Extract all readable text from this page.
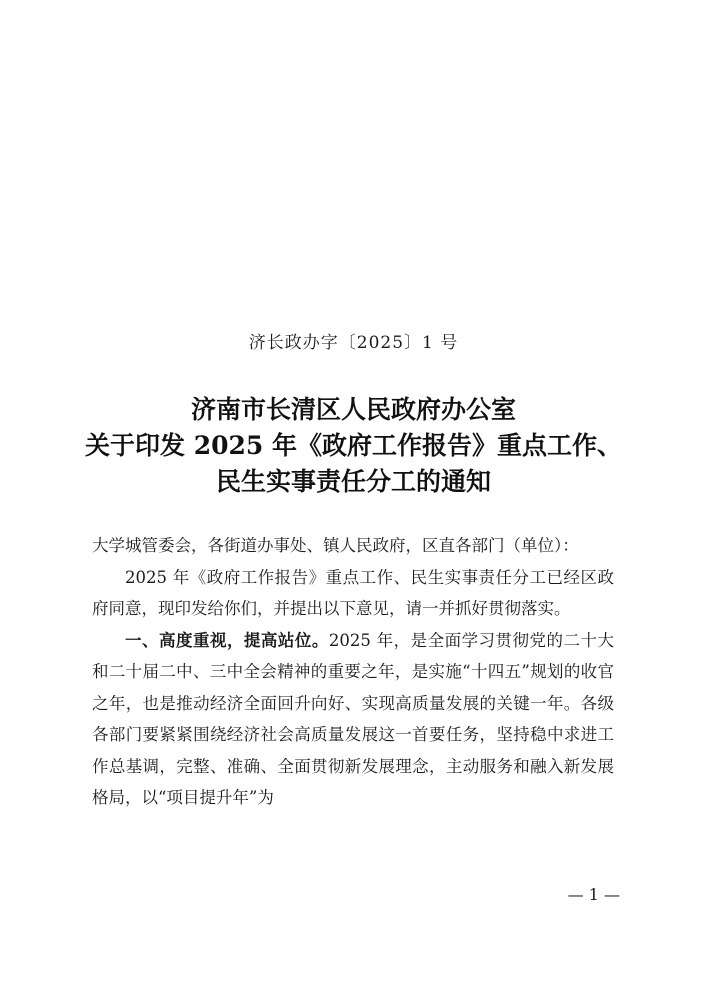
济长政办字〔2025〕1 号
济南市长清区人民政府办公室
关于印发 2025 年《政府工作报告》重点工作、
民生实事责任分工的通知

大学城管委会，各街道办事处、镇人民政府，区直各部门（单位）：

2025 年《政府工作报告》重点工作、民生实事责任分工已经区政府同意，现印发给你们，并提出以下意见，请一并抓好贯彻落实。

一、高度重视，提高站位。2025 年，是全面学习贯彻党的二十大和二十届二中、三中全会精神的重要之年，是实施“十四五”规划的收官之年，也是推动经济全面回升向好、实现高质量发展的关键一年。各级各部门要紧紧围绕经济社会高质量发展这一首要任务，坚持稳中求进工作总基调，完整、准确、全面贯彻新发展理念，主动服务和融入新发展格局，以“项目提升年”为

— 1 —
